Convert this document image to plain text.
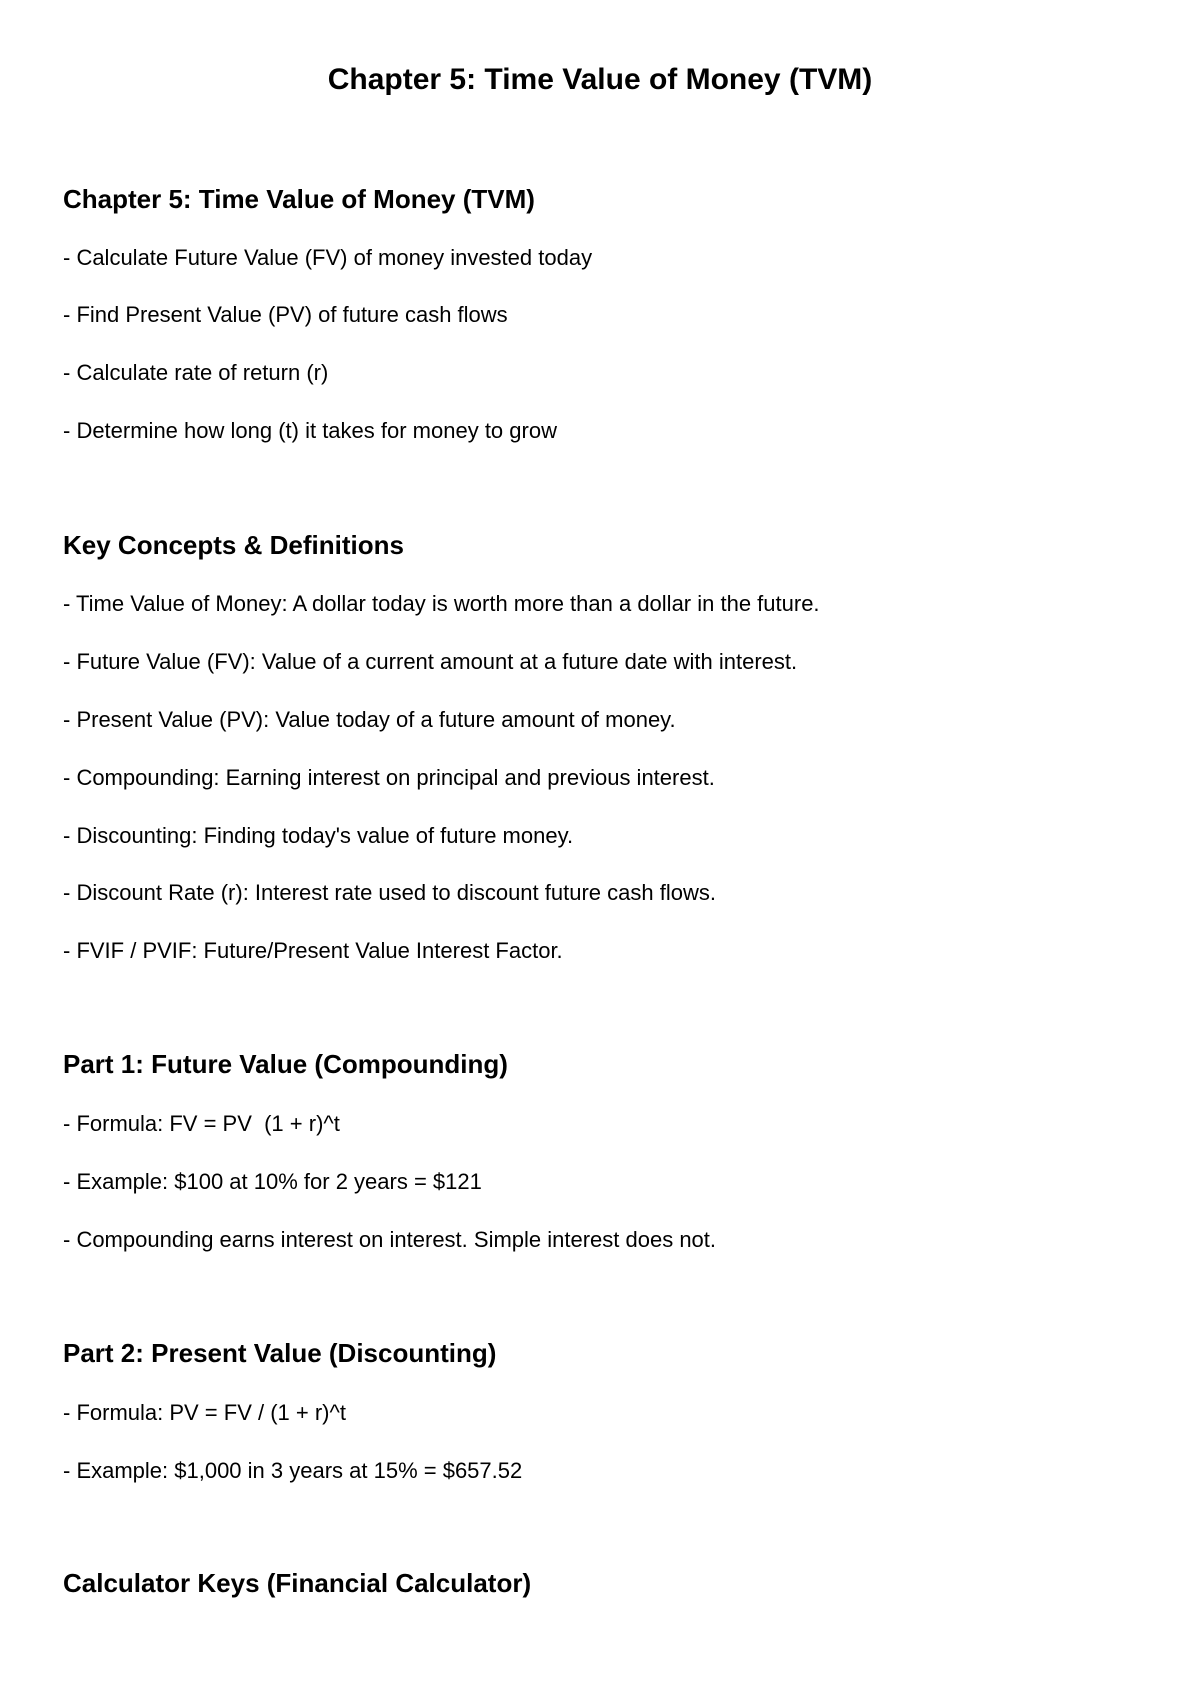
Chapter 5: Time Value of Money (TVM)
Chapter 5: Time Value of Money (TVM)

- Calculate Future Value (FV) of money invested today

- Find Present Value (PV) of future cash flows

- Calculate rate of return (r)

- Determine how long (t) it takes for money to grow

Key Concepts & Definitions

- Time Value of Money: A dollar today is worth more than a dollar in the future.

- Future Value (FV): Value of a current amount at a future date with interest.

- Present Value (PV): Value today of a future amount of money.

- Compounding: Earning interest on principal and previous interest.

- Discounting: Finding today's value of future money.

- Discount Rate (r): Interest rate used to discount future cash flows.

- FVIF / PVIF: Future/Present Value Interest Factor.

Part 1: Future Value (Compounding)

- Formula: FV = PV  (1 + r)^t

- Example: $100 at 10% for 2 years = $121

- Compounding earns interest on interest. Simple interest does not.

Part 2: Present Value (Discounting)

- Formula: PV = FV / (1 + r)^t

- Example: $1,000 in 3 years at 15% = $657.52

Calculator Keys (Financial Calculator)
